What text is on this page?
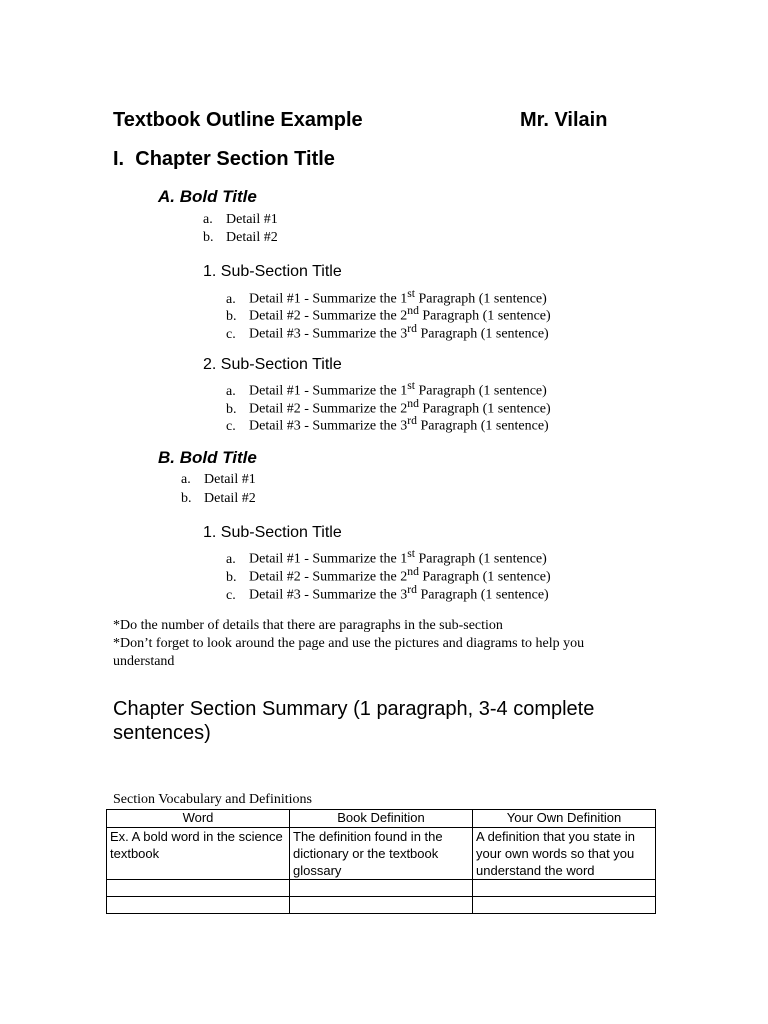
Textbook Outline Example	Mr. Vilain
I. Chapter Section Title
A. Bold Title
a. Detail #1
b. Detail #2
1. Sub-Section Title
a. Detail #1 - Summarize the 1st Paragraph (1 sentence)
b. Detail #2 - Summarize the 2nd Paragraph (1 sentence)
c. Detail #3 - Summarize the 3rd Paragraph (1 sentence)
2. Sub-Section Title
a. Detail #1 - Summarize the 1st Paragraph (1 sentence)
b. Detail #2 - Summarize the 2nd Paragraph (1 sentence)
c. Detail #3 - Summarize the 3rd Paragraph (1 sentence)
B. Bold Title
a. Detail #1
b. Detail #2
1. Sub-Section Title
a. Detail #1 - Summarize the 1st Paragraph (1 sentence)
b. Detail #2 - Summarize the 2nd Paragraph (1 sentence)
c. Detail #3 - Summarize the 3rd Paragraph (1 sentence)
*Do the number of details that there are paragraphs in the sub-section
*Don’t forget to look around the page and use the pictures and diagrams to help you
understand
Chapter Section Summary (1 paragraph, 3-4 complete sentences)
Section Vocabulary and Definitions
Word	Book Definition	Your Own Definition
Ex. A bold word in the science textbook	The definition found in the dictionary or the textbook glossary	A definition that you state in your own words so that you understand the word
